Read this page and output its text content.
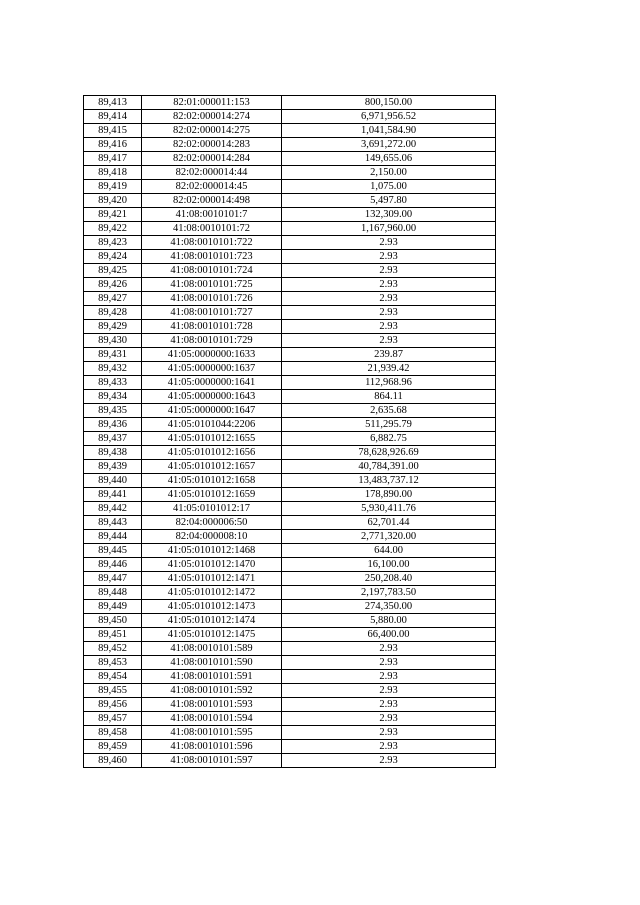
89,413	82:01:000011:153	800,150.00
89,414	82:02:000014:274	6,971,956.52
89,415	82:02:000014:275	1,041,584.90
89,416	82:02:000014:283	3,691,272.00
89,417	82:02:000014:284	149,655.06
89,418	82:02:000014:44	2,150.00
89,419	82:02:000014:45	1,075.00
89,420	82:02:000014:498	5,497.80
89,421	41:08:0010101:7	132,309.00
89,422	41:08:0010101:72	1,167,960.00
89,423	41:08:0010101:722	2.93
89,424	41:08:0010101:723	2.93
89,425	41:08:0010101:724	2.93
89,426	41:08:0010101:725	2.93
89,427	41:08:0010101:726	2.93
89,428	41:08:0010101:727	2.93
89,429	41:08:0010101:728	2.93
89,430	41:08:0010101:729	2.93
89,431	41:05:0000000:1633	239.87
89,432	41:05:0000000:1637	21,939.42
89,433	41:05:0000000:1641	112,968.96
89,434	41:05:0000000:1643	864.11
89,435	41:05:0000000:1647	2,635.68
89,436	41:05:0101044:2206	511,295.79
89,437	41:05:0101012:1655	6,882.75
89,438	41:05:0101012:1656	78,628,926.69
89,439	41:05:0101012:1657	40,784,391.00
89,440	41:05:0101012:1658	13,483,737.12
89,441	41:05:0101012:1659	178,890.00
89,442	41:05:0101012:17	5,930,411.76
89,443	82:04:000006:50	62,701.44
89,444	82:04:000008:10	2,771,320.00
89,445	41:05:0101012:1468	644.00
89,446	41:05:0101012:1470	16,100.00
89,447	41:05:0101012:1471	250,208.40
89,448	41:05:0101012:1472	2,197,783.50
89,449	41:05:0101012:1473	274,350.00
89,450	41:05:0101012:1474	5,880.00
89,451	41:05:0101012:1475	66,400.00
89,452	41:08:0010101:589	2.93
89,453	41:08:0010101:590	2.93
89,454	41:08:0010101:591	2.93
89,455	41:08:0010101:592	2.93
89,456	41:08:0010101:593	2.93
89,457	41:08:0010101:594	2.93
89,458	41:08:0010101:595	2.93
89,459	41:08:0010101:596	2.93
89,460	41:08:0010101:597	2.93
